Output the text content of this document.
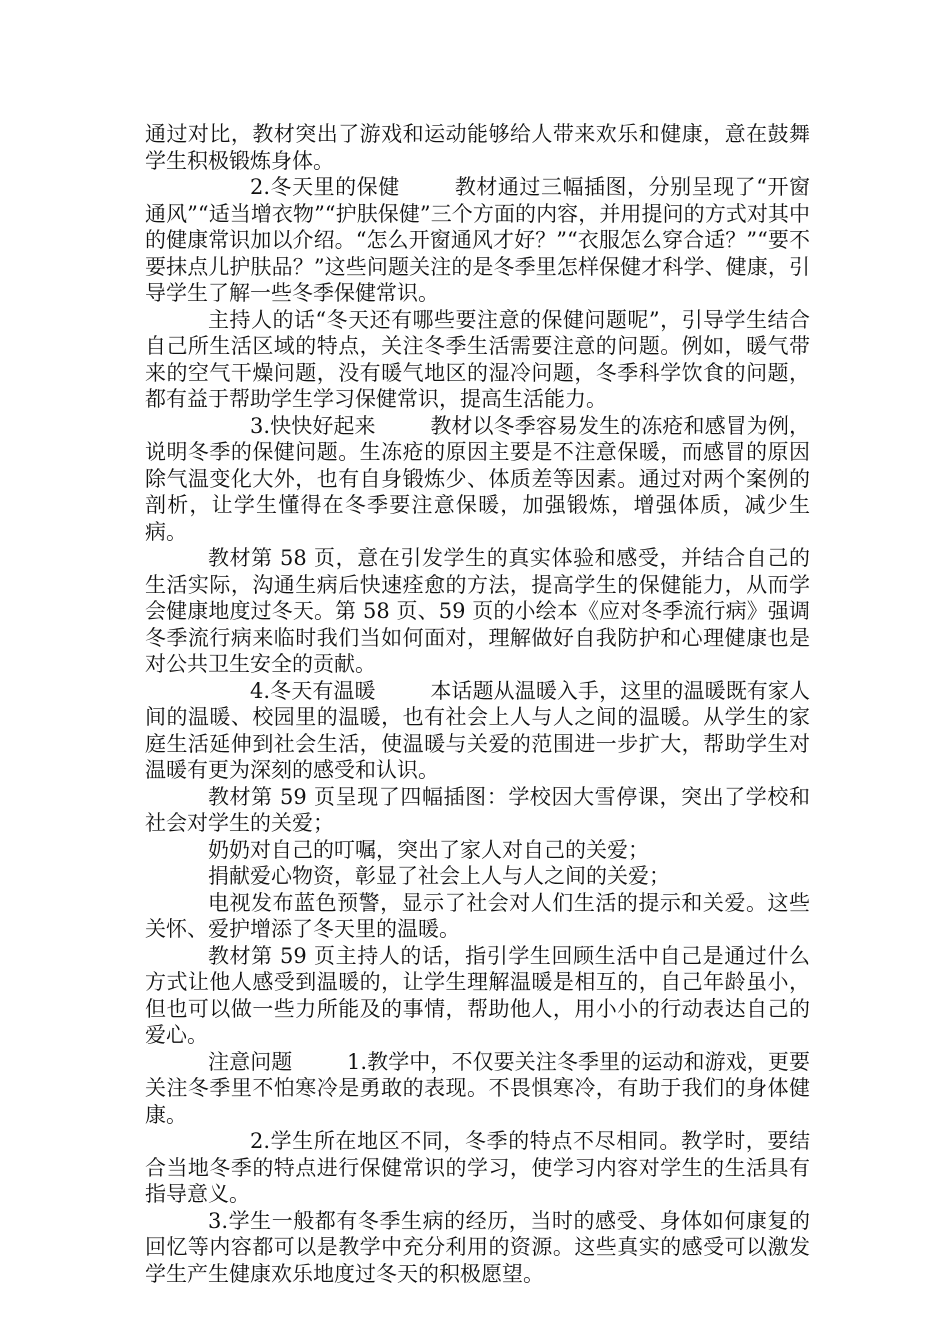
通过对比，教材突出了游戏和运动能够给人带来欢乐和健康，意在鼓舞学生积极锻炼身体。

2.冬天里的保健	教材通过三幅插图，分别呈现了“开窗通风”“适当增衣物”“护肤保健”三个方面的内容，并用提问的方式对其中的健康常识加以介绍。“怎么开窗通风才好？”“衣服怎么穿合适？”“要不要抹点儿护肤品？”这些问题关注的是冬季里怎样保健才科学、健康，引导学生了解一些冬季保健常识。

主持人的话“冬天还有哪些要注意的保健问题呢”，引导学生结合自己所生活区域的特点，关注冬季生活需要注意的问题。例如，暖气带来的空气干燥问题，没有暖气地区的湿冷问题，冬季科学饮食的问题，都有益于帮助学生学习保健常识，提高生活能力。

3.快快好起来	教材以冬季容易发生的冻疮和感冒为例，说明冬季的保健问题。生冻疮的原因主要是不注意保暖，而感冒的原因除气温变化大外，也有自身锻炼少、体质差等因素。通过对两个案例的剖析，让学生懂得在冬季要注意保暖，加强锻炼，增强体质，减少生病。

教材第 58 页，意在引发学生的真实体验和感受，并结合自己的生活实际，沟通生病后快速痊愈的方法，提高学生的保健能力，从而学会健康地度过冬天。第 58 页、59 页的小绘本《应对冬季流行病》强调冬季流行病来临时我们当如何面对，理解做好自我防护和心理健康也是对公共卫生安全的贡献。

4.冬天有温暖	本话题从温暖入手，这里的温暖既有家人间的温暖、校园里的温暖，也有社会上人与人之间的温暖。从学生的家庭生活延伸到社会生活，使温暖与关爱的范围进一步扩大，帮助学生对温暖有更为深刻的感受和认识。

教材第 59 页呈现了四幅插图：学校因大雪停课，突出了学校和社会对学生的关爱；

奶奶对自己的叮嘱，突出了家人对自己的关爱；

捐献爱心物资，彰显了社会上人与人之间的关爱；

电视发布蓝色预警，显示了社会对人们生活的提示和关爱。这些关怀、爱护增添了冬天里的温暖。

教材第 59 页主持人的话，指引学生回顾生活中自己是通过什么方式让他人感受到温暖的，让学生理解温暖是相互的，自己年龄虽小，但也可以做一些力所能及的事情，帮助他人，用小小的行动表达自己的爱心。

注意问题	1.教学中，不仅要关注冬季里的运动和游戏，更要关注冬季里不怕寒冷是勇敢的表现。不畏惧寒冷，有助于我们的身体健康。

2.学生所在地区不同，冬季的特点不尽相同。教学时，要结合当地冬季的特点进行保健常识的学习，使学习内容对学生的生活具有指导意义。

3.学生一般都有冬季生病的经历，当时的感受、身体如何康复的回忆等内容都可以是教学中充分利用的资源。这些真实的感受可以激发学生产生健康欢乐地度过冬天的积极愿望。
